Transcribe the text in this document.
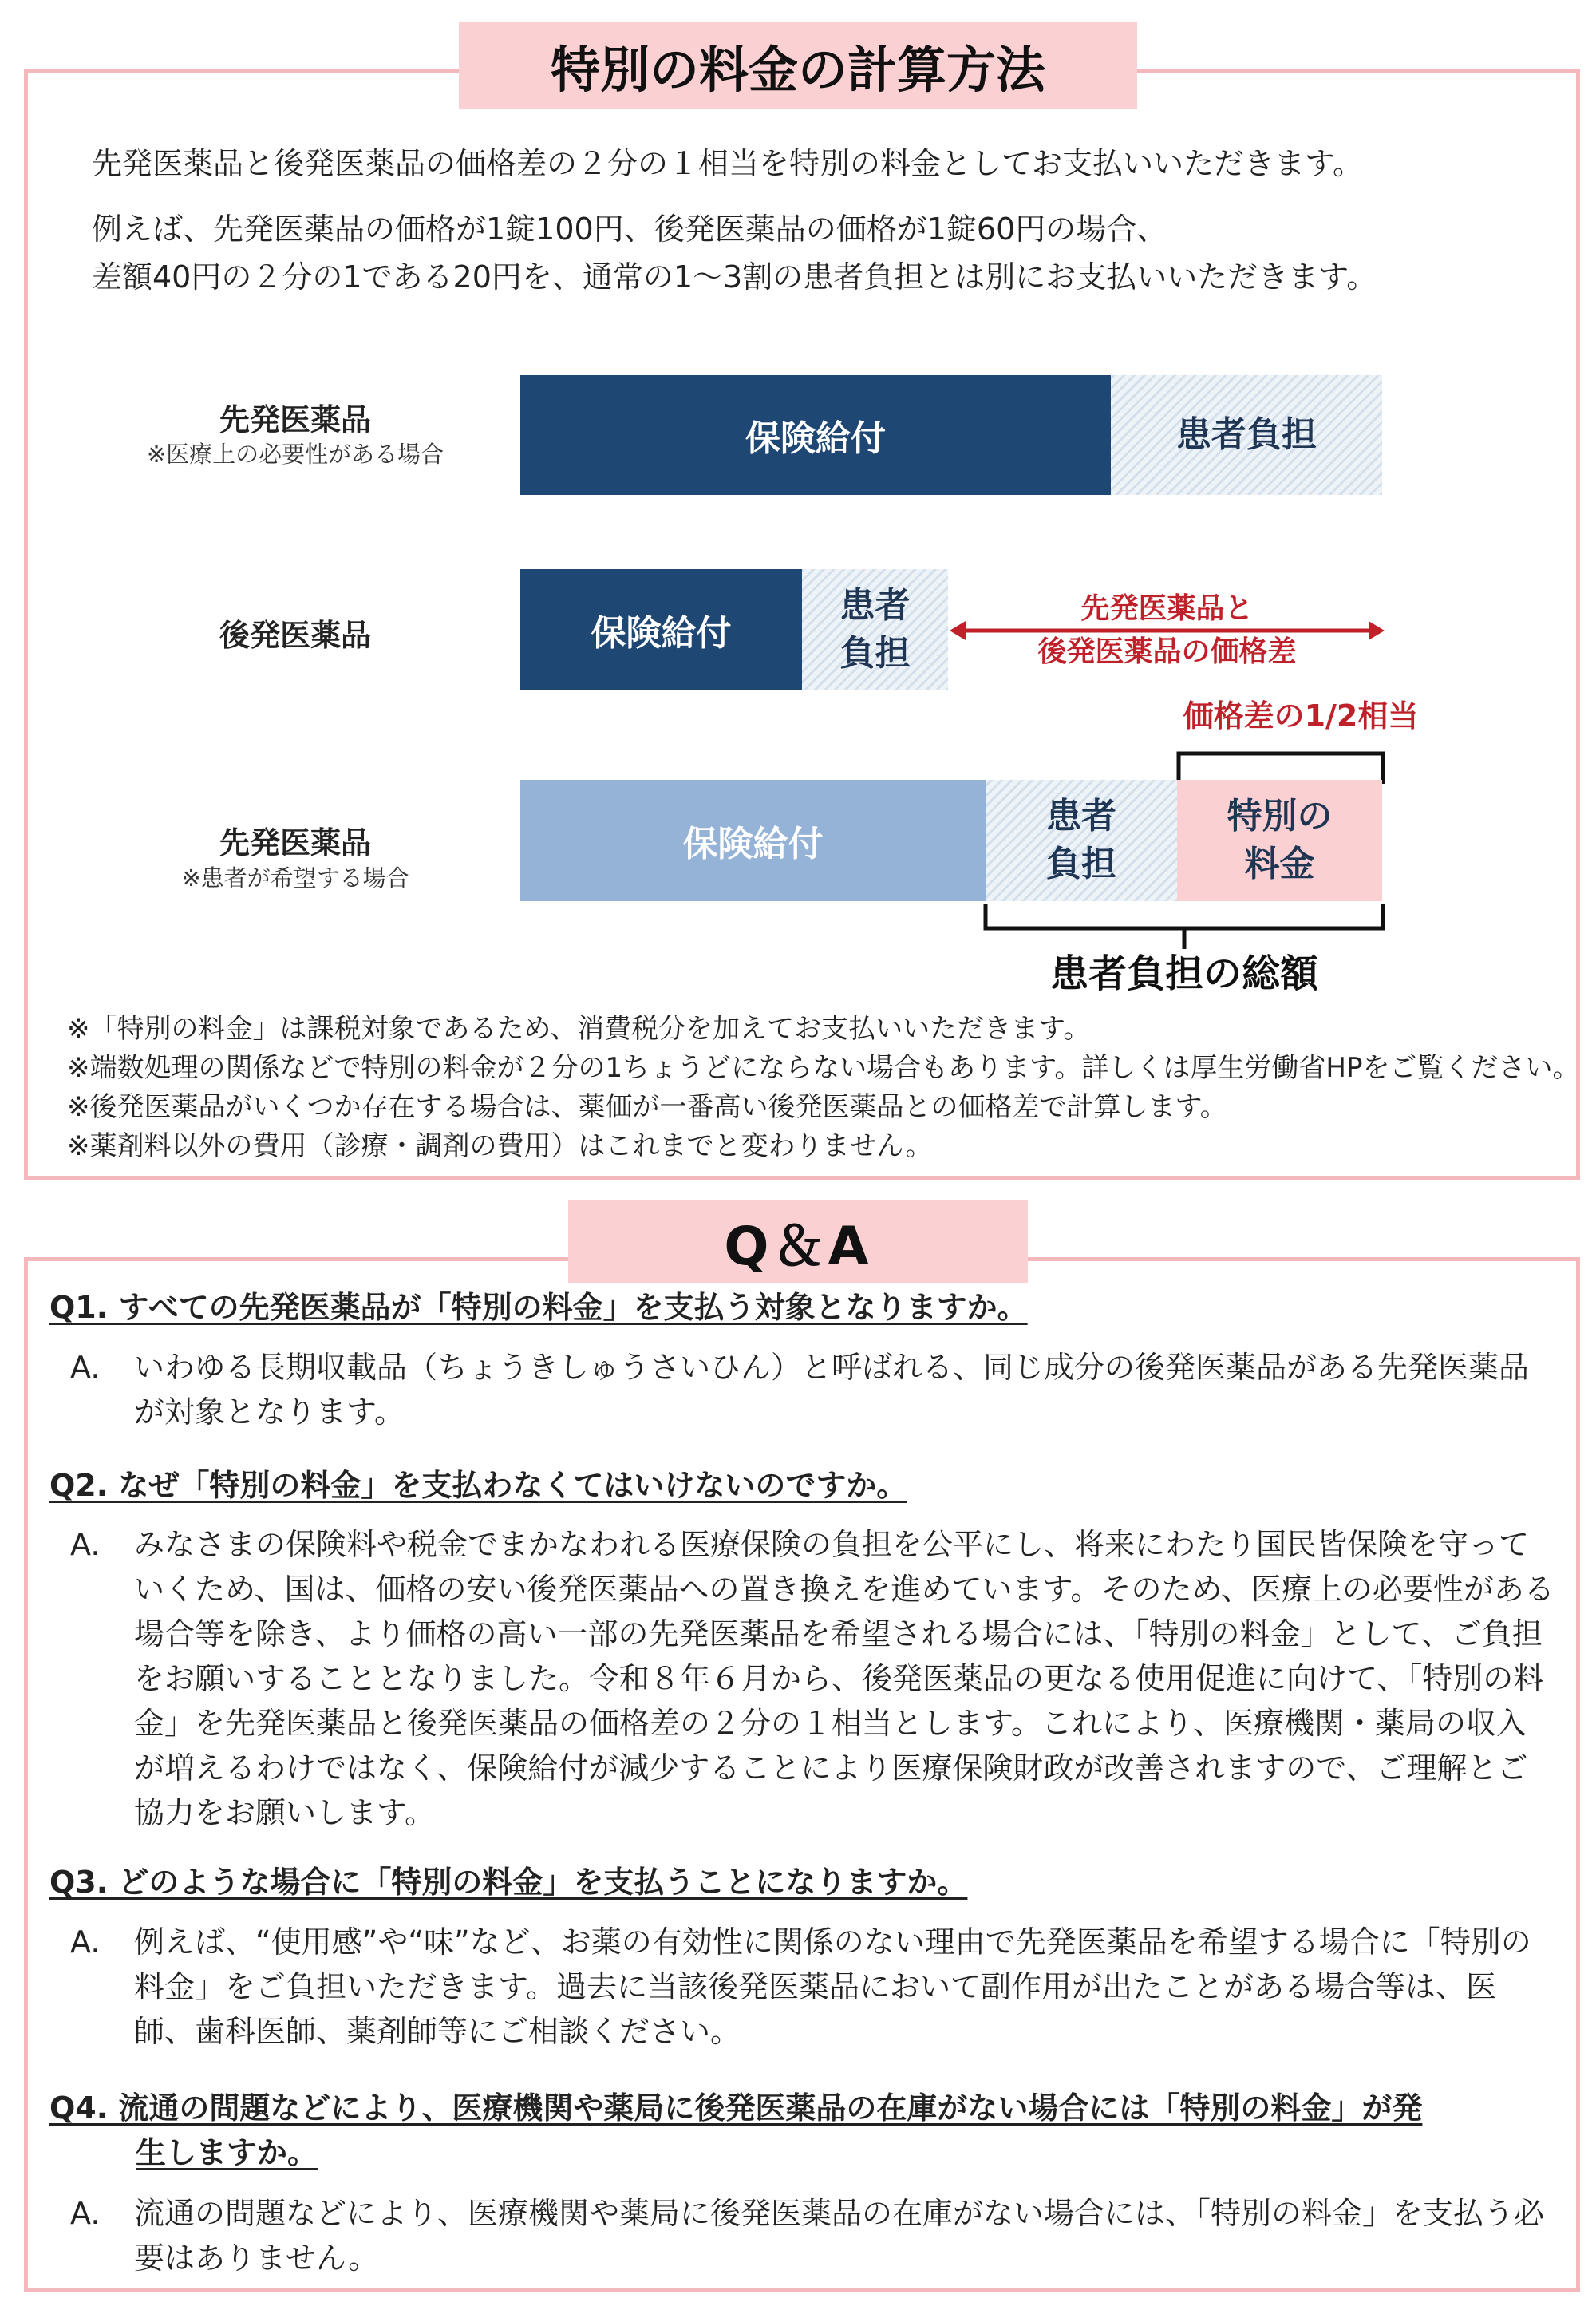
特別の料金の計算方法
先発医薬品と後発医薬品の価格差の２分の１相当を特別の料金としてお支払いいただきます。
例えば、先発医薬品の価格が1錠100円、後発医薬品の価格が1錠60円の場合、
差額40円の２分の1である20円を、通常の1～3割の患者負担とは別にお支払いいただきます。
先発医薬品
※医療上の必要性がある場合	保険給付	患者負担
後発医薬品	保険給付
患者
負担
先発医薬品と
後発医薬品の価格差
価格差の1/2相当
先発医薬品
※患者が希望する場合
保険給付
患者
負担
特別の
料金
患者負担の総額
※「特別の料金」は課税対象であるため、消費税分を加えてお支払いいただきます。
※端数処理の関係などで特別の料金が２分の1ちょうどにならない場合もあります。詳しくは厚生労働省HPをご覧ください。
※後発医薬品がいくつか存在する場合は、薬価が一番高い後発医薬品との価格差で計算します。
※薬剤料以外の費用（診療・調剤の費用）はこれまでと変わりません。
Q＆A
Q1. すべての先発医薬品が「特別の料金」を支払う対象となりますか。
A. いわゆる長期収載品（ちょうきしゅうさいひん）と呼ばれる、同じ成分の後発医薬品がある先発医薬品が対象となります。
Q2. なぜ「特別の料金」を支払わなくてはいけないのですか。
A. みなさまの保険料や税金でまかなわれる医療保険の負担を公平にし、将来にわたり国民皆保険を守っていくため、国は、価格の安い後発医薬品への置き換えを進めています。そのため、医療上の必要性がある場合等を除き、より価格の高い一部の先発医薬品を希望される場合には、「特別の料金」として、ご負担をお願いすることとなりました。令和８年６月から、後発医薬品の更なる使用促進に向けて、「特別の料金」を先発医薬品と後発医薬品の価格差の２分の１相当とします。これにより、医療機関・薬局の収入が増えるわけではなく、保険給付が減少することにより医療保険財政が改善されますので、ご理解とご協力をお願いします。
Q3. どのような場合に「特別の料金」を支払うことになりますか。
A. 例えば、“使用感”や“味”など、お薬の有効性に関係のない理由で先発医薬品を希望する場合に「特別の料金」をご負担いただきます。過去に当該後発医薬品において副作用が出たことがある場合等は、医師、歯科医師、薬剤師等にご相談ください。
Q4. 流通の問題などにより、医療機関や薬局に後発医薬品の在庫がない場合には「特別の料金」が発
生しますか。
A. 流通の問題などにより、医療機関や薬局に後発医薬品の在庫がない場合には、「特別の料金」を支払う必要はありません。
